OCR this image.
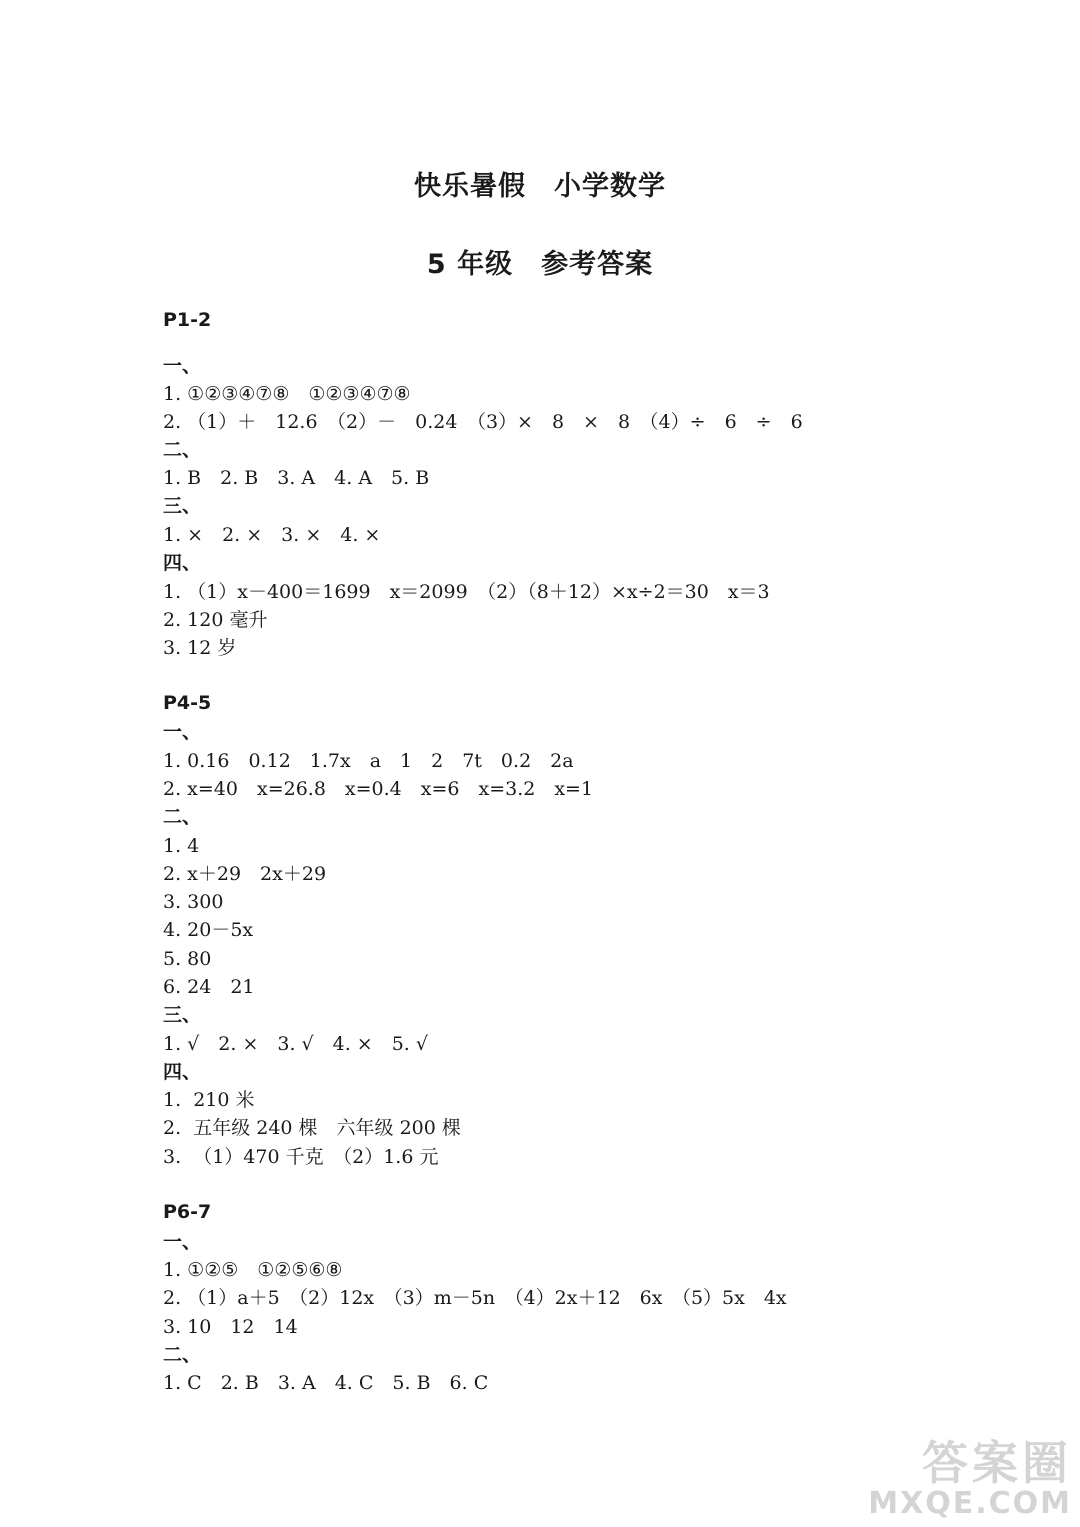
快乐暑假　小学数学
5 年级　参考答案
P1-2
一、
1. ①②③④⑦⑧　①②③④⑦⑧
2. （1）＋　12.6　（2）－　0.24　（3）×　8　×　8　（4）÷　6　÷　6
二、
1. B　2. B　3. A　4. A　5. B
三、
1. ×　2. ×　3. ×　4. ×
四、
1. （1）x－400＝1699　x＝2099　（2）（8＋12）×x÷2＝30　x＝3
2. 120 毫升
3. 12 岁
P4-5
一、
1. 0.16　0.12　1.7x　a　1　2　7t　0.2　2a
2. x=40　x=26.8　x=0.4　x=6　x=3.2　x=1
二、
1. 4
2. x＋29　2x＋29
3. 300
4. 20－5x
5. 80
6. 24　21
三、
1. √　2. ×　3. √　4. ×　5. √
四、
1.  210 米
2.  五年级 240 棵　六年级 200 棵
3.  （1）470 千克　（2）1.6 元
P6-7
一、
1. ①②⑤　①②⑤⑥⑧
2. （1）a＋5　（2）12x　（3）m－5n　（4）2x＋12　6x　（5）5x　4x
3. 10　12　14
二、
1. C　2. B　3. A　4. C　5. B　6. C
答案圈
MXQE.COM
